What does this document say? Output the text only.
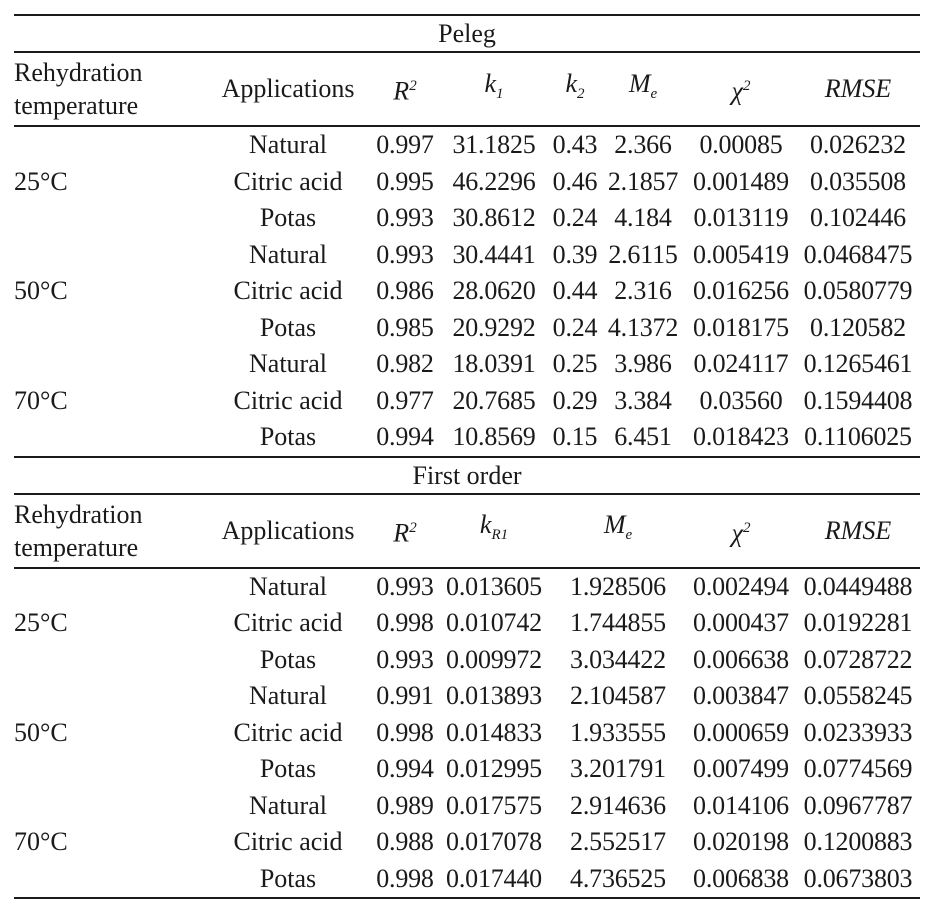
Peleg							
Rehydration
temperature	Applications	$R^2$	$k_1$	$k_2$	$M_e$	$\chi^2$	RMSE
25°C	Natural	0.997	31.1825	0.43	2.366	0.00085	0.026232
	Citric acid	0.995	46.2296	0.46	2.1857	0.001489	0.035508
	Potas	0.993	30.8612	0.24	4.184	0.013119	0.102446
50°C	Natural	0.993	30.4441	0.39	2.6115	0.005419	0.0468475
	Citric acid	0.986	28.0620	0.44	2.316	0.016256	0.0580779
	Potas	0.985	20.9292	0.24	4.1372	0.018175	0.120582
70°C	Natural	0.982	18.0391	0.25	3.986	0.024117	0.1265461
	Citric acid	0.977	20.7685	0.29	3.384	0.03560	0.1594408
	Potas	0.994	10.8569	0.15	6.451	0.018423	0.1106025
First order							
Rehydration
temperature	Applications	$R^2$	$k_{R1}$	$M_e$		$\chi^2$	RMSE
25°C	Natural	0.993	0.013605	1.928506		0.002494	0.0449488
	Citric acid	0.998	0.010742	1.744855		0.000437	0.0192281
	Potas	0.993	0.009972	3.034422		0.006638	0.0728722
50°C	Natural	0.991	0.013893	2.104587		0.003847	0.0558245
	Citric acid	0.998	0.014833	1.933555		0.000659	0.0233933
	Potas	0.994	0.012995	3.201791		0.007499	0.0774569
70°C	Natural	0.989	0.017575	2.914636		0.014106	0.0967787
	Citric acid	0.988	0.017078	2.552517		0.020198	0.1200883
	Potas	0.998	0.017440	4.736525		0.006838	0.0673803
